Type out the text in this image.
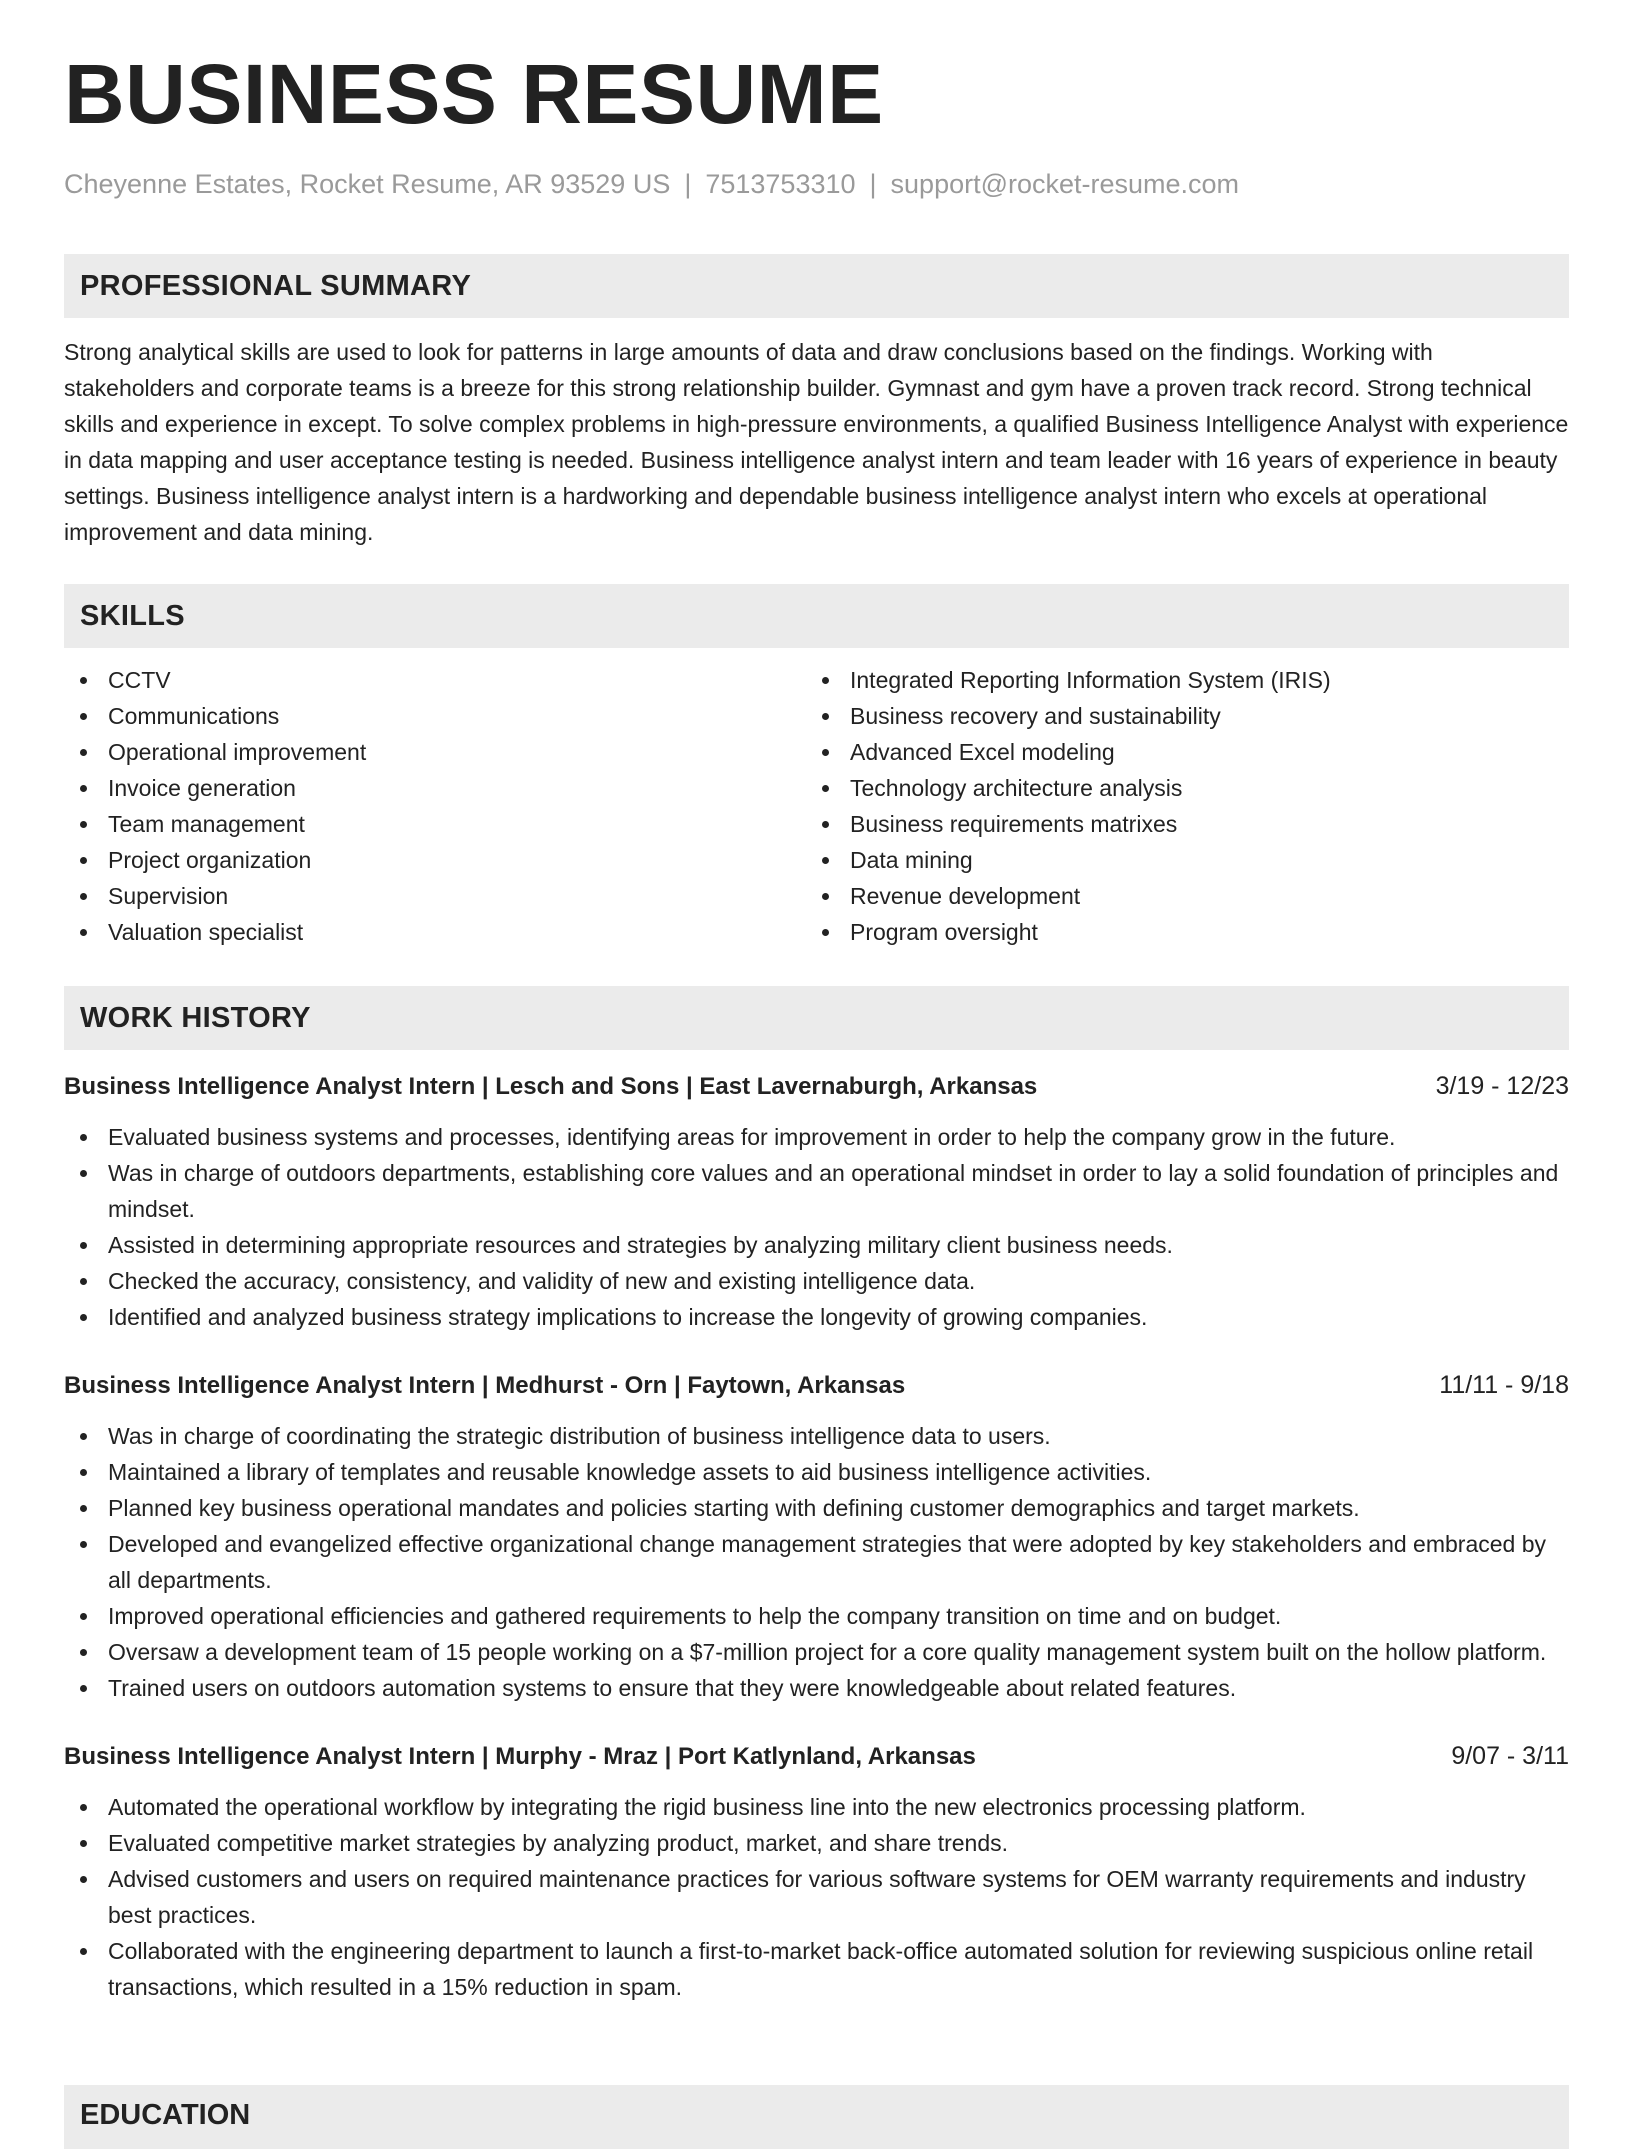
BUSINESS RESUME
Cheyenne Estates, Rocket Resume, AR 93529 US | 7513753310 | support@rocket-resume.com
PROFESSIONAL SUMMARY

Strong analytical skills are used to look for patterns in large amounts of data and draw conclusions based on the findings. Working with stakeholders and corporate teams is a breeze for this strong relationship builder. Gymnast and gym have a proven track record. Strong technical skills and experience in except. To solve complex problems in high-pressure environments, a qualified Business Intelligence Analyst with experience in data mapping and user acceptance testing is needed. Business intelligence analyst intern and team leader with 16 years of experience in beauty settings. Business intelligence analyst intern is a hardworking and dependable business intelligence analyst intern who excels at operational improvement and data mining.

SKILLS
CCTV
Communications
Operational improvement
Invoice generation
Team management
Project organization
Supervision
Valuation specialist
Integrated Reporting Information System (IRIS)
Business recovery and sustainability
Advanced Excel modeling
Technology architecture analysis
Business requirements matrixes
Data mining
Revenue development
Program oversight
WORK HISTORY
Business Intelligence Analyst Intern | Lesch and Sons | East Lavernaburgh, Arkansas	3/19 - 12/23
Evaluated business systems and processes, identifying areas for improvement in order to help the company grow in the future.
Was in charge of outdoors departments, establishing core values and an operational mindset in order to lay a solid foundation of principles and mindset.
Assisted in determining appropriate resources and strategies by analyzing military client business needs.
Checked the accuracy, consistency, and validity of new and existing intelligence data.
Identified and analyzed business strategy implications to increase the longevity of growing companies.
Business Intelligence Analyst Intern | Medhurst - Orn | Faytown, Arkansas	11/11 - 9/18
Was in charge of coordinating the strategic distribution of business intelligence data to users.
Maintained a library of templates and reusable knowledge assets to aid business intelligence activities.
Planned key business operational mandates and policies starting with defining customer demographics and target markets.
Developed and evangelized effective organizational change management strategies that were adopted by key stakeholders and embraced by all departments.
Improved operational efficiencies and gathered requirements to help the company transition on time and on budget.
Oversaw a development team of 15 people working on a $7-million project for a core quality management system built on the hollow platform.
Trained users on outdoors automation systems to ensure that they were knowledgeable about related features.
Business Intelligence Analyst Intern | Murphy - Mraz | Port Katlynland, Arkansas	9/07 - 3/11
Automated the operational workflow by integrating the rigid business line into the new electronics processing platform.
Evaluated competitive market strategies by analyzing product, market, and share trends.
Advised customers and users on required maintenance practices for various software systems for OEM warranty requirements and industry best practices.
Collaborated with the engineering department to launch a first-to-market back-office automated solution for reviewing suspicious online retail transactions, which resulted in a 15% reduction in spam.
EDUCATION
